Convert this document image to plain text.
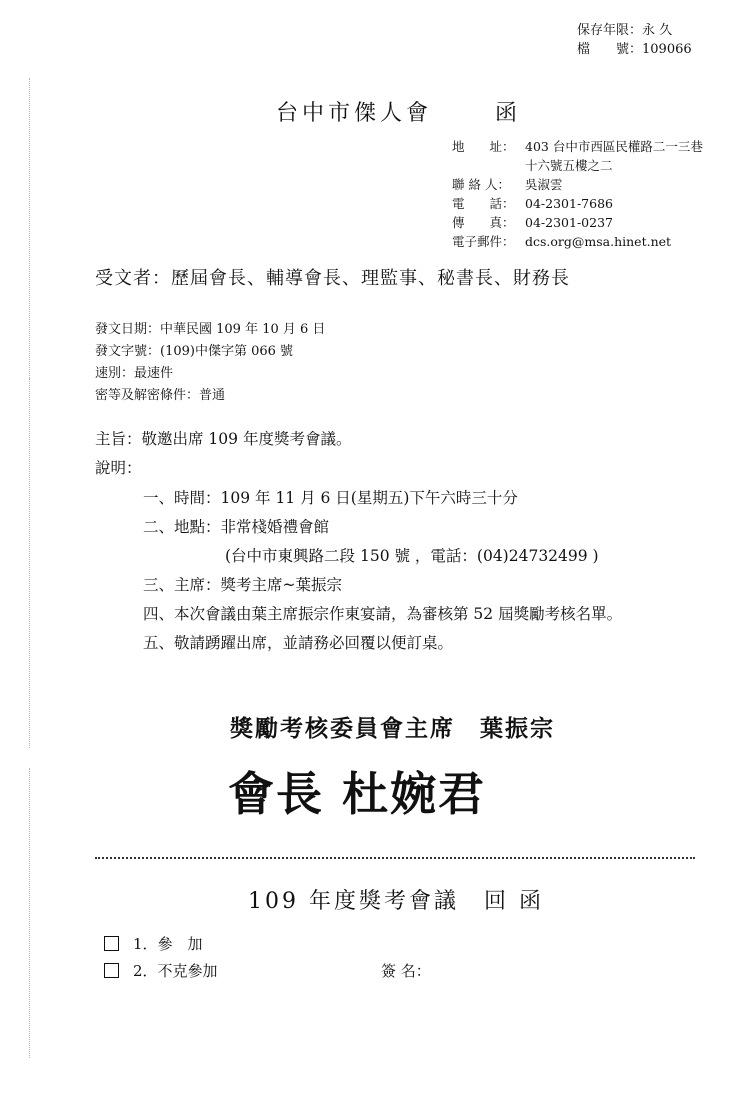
保存年限：永 久
檔　　號：109066
台中市傑人會	函
地　　址： 403 台中市西區民權路二一三巷
十六號五樓之二
聯 絡 人：	吳淑雲
電　　話： 04-2301-7686
傳　　真： 04-2301-0237
電子郵件： dcs.org@msa.hinet.net
受文者：歷屆會長、輔導會長、理監事、秘書長、財務長
發文日期：中華民國 109 年 10 月 6 日
發文字號：(109)中傑字第 066 號
速別：最速件
密等及解密條件：普通
主旨：敬邀出席 109 年度獎考會議。
說明：
一、時間：109 年 11 月 6 日(星期五)下午六時三十分
二、地點：非常棧婚禮會館
(台中市東興路二段 150 號 ，電話：(04)24732499 )
三、主席：獎考主席~葉振宗
四、本次會議由葉主席振宗作東宴請，為審核第 52 屆獎勵考核名單。
五、敬請踴躍出席，並請務必回覆以便訂桌。
獎勵考核委員會主席　葉振宗
會長 杜婉君
109 年度獎考會議　回 函
1．參　加
2．不克參加	簽 名：
